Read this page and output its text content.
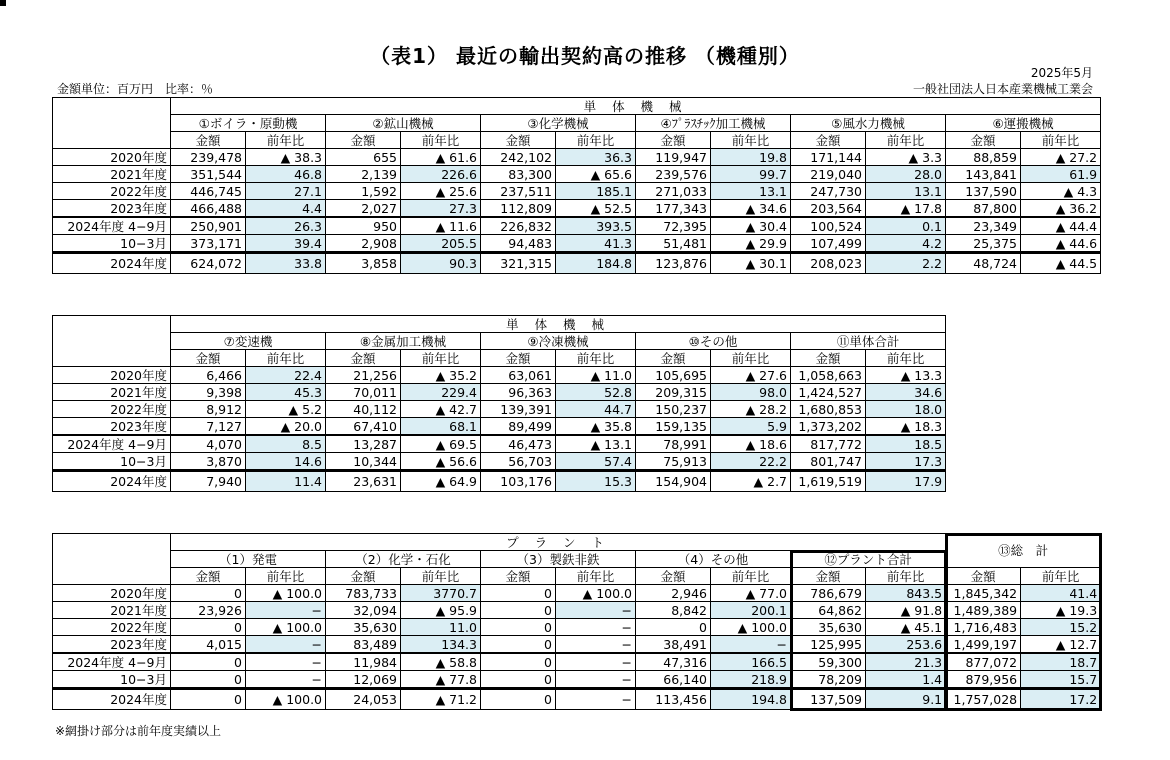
（表1） 最近の輸出契約高の推移 （機種別）
2025年5月
金額単位：百万円　比率：％	一般社団法人日本産業機械工業会
	単 体 機 械											
	①ボイラ・原動機		②鉱山機械		③化学機械		④ﾌﾟﾗｽﾁｯｸ加工機械		⑤風水力機械		⑥運搬機械	
	金額	前年比	金額	前年比	金額	前年比	金額	前年比	金額	前年比	金額	前年比
2020年度	239,478	▲ 38.3	655	▲ 61.6	242,102	36.3	119,947	19.8	171,144	▲ 3.3	88,859	▲ 27.2
2021年度	351,544	46.8	2,139	226.6	83,300	▲ 65.6	239,576	99.7	219,040	28.0	143,841	61.9
2022年度	446,745	27.1	1,592	▲ 25.6	237,511	185.1	271,033	13.1	247,730	13.1	137,590	▲ 4.3
2023年度	466,488	4.4	2,027	27.3	112,809	▲ 52.5	177,343	▲ 34.6	203,564	▲ 17.8	87,800	▲ 36.2
2024年度 4−9月	250,901	26.3	950	▲ 11.6	226,832	393.5	72,395	▲ 30.4	100,524	0.1	23,349	▲ 44.4
10−3月	373,171	39.4	2,908	205.5	94,483	41.3	51,481	▲ 29.9	107,499	4.2	25,375	▲ 44.6
2024年度	624,072	33.8	3,858	90.3	321,315	184.8	123,876	▲ 30.1	208,023	2.2	48,724	▲ 44.5
	単 体 機 械									
	⑦変速機		⑧金属加工機械		⑨冷凍機械		⑩その他		⑪単体合計	
	金額	前年比	金額	前年比	金額	前年比	金額	前年比	金額	前年比
2020年度	6,466	22.4	21,256	▲ 35.2	63,061	▲ 11.0	105,695	▲ 27.6	1,058,663	▲ 13.3
2021年度	9,398	45.3	70,011	229.4	96,363	52.8	209,315	98.0	1,424,527	34.6
2022年度	8,912	▲ 5.2	40,112	▲ 42.7	139,391	44.7	150,237	▲ 28.2	1,680,853	18.0
2023年度	7,127	▲ 20.0	67,410	68.1	89,499	▲ 35.8	159,135	5.9	1,373,202	▲ 18.3
2024年度 4−9月	4,070	8.5	13,287	▲ 69.5	46,473	▲ 13.1	78,991	▲ 18.6	817,772	18.5
10−3月	3,870	14.6	10,344	▲ 56.6	56,703	57.4	75,913	22.2	801,747	17.3
2024年度	7,940	11.4	23,631	▲ 64.9	103,176	15.3	154,904	▲ 2.7	1,619,519	17.9
	プ ラ ン ト										⑬総　計	
	（1）発電		（2）化学・石化		（3）製鉄非鉄		（4）その他		⑫プラント合計			
	金額	前年比	金額	前年比	金額	前年比	金額	前年比	金額	前年比	金額	前年比
2020年度	0	▲ 100.0	783,733	3770.7	0	▲ 100.0	2,946	▲ 77.0	786,679	843.5	1,845,342	41.4
2021年度	23,926	−	32,094	▲ 95.9	0	−	8,842	200.1	64,862	▲ 91.8	1,489,389	▲ 19.3
2022年度	0	▲ 100.0	35,630	11.0	0	−	0	▲ 100.0	35,630	▲ 45.1	1,716,483	15.2
2023年度	4,015	−	83,489	134.3	0	−	38,491	−	125,995	253.6	1,499,197	▲ 12.7
2024年度 4−9月	0	−	11,984	▲ 58.8	0	−	47,316	166.5	59,300	21.3	877,072	18.7
10−3月	0	−	12,069	▲ 77.8	0	−	66,140	218.9	78,209	1.4	879,956	15.7
2024年度	0	▲ 100.0	24,053	▲ 71.2	0	−	113,456	194.8	137,509	9.1	1,757,028	17.2
※網掛け部分は前年度実績以上
